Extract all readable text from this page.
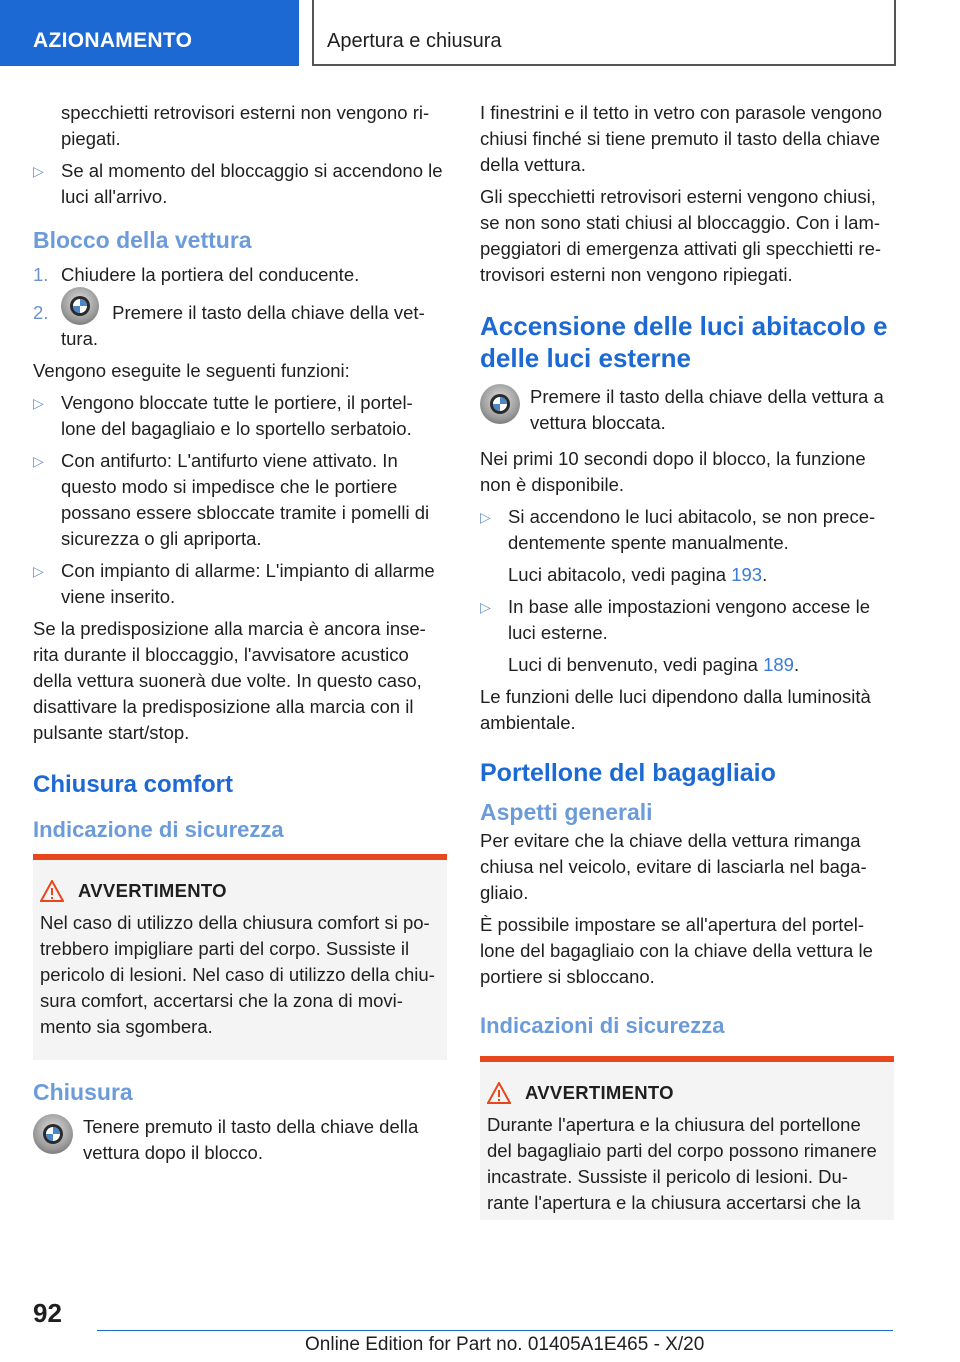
AZIONAMENTO	Apertura e chiusura

specchietti retrovisori esterni non vengono ri-piegati.

▷ Se al momento del bloccaggio si accendono le luci all'arrivo.
Blocco della vettura
1. Chiudere la portiera del conducente.
2.	Premere il tasto della chiave della vet-tura.

Vengono eseguite le seguenti funzioni:

▷ Vengono bloccate tutte le portiere, il portel-lone del bagagliaio e lo sportello serbatoio.
▷ Con antifurto: L'antifurto viene attivato. In questo modo si impedisce che le portiere possano essere sbloccate tramite i pomelli di sicurezza o gli apriporta.
▷ Con impianto di allarme: L'impianto di allarme viene inserito.

Se la predisposizione alla marcia è ancora inse-rita durante il bloccaggio, l'avvisatore acustico della vettura suonerà due volte. In questo caso, disattivare la predisposizione alla marcia con il pulsante start/stop.

Chiusura comfort
Indicazione di sicurezza
AVVERTIMENTO
Nel caso di utilizzo della chiusura comfort si po-trebbero impigliare parti del corpo. Sussiste il pericolo di lesioni. Nel caso di utilizzo della chiu-sura comfort, accertarsi che la zona di movi-mento sia sgombera.
Chiusura
Tenere premuto il tasto della chiave della vettura dopo il blocco.

I finestrini e il tetto in vetro con parasole vengono chiusi finché si tiene premuto il tasto della chiave della vettura.

Gli specchietti retrovisori esterni vengono chiusi, se non sono stati chiusi al bloccaggio. Con i lam-peggiatori di emergenza attivati gli specchietti re-trovisori esterni non vengono ripiegati.

Accensione delle luci abitacolo e delle luci esterne
Premere il tasto della chiave della vettura a vettura bloccata.

Nei primi 10 secondi dopo il blocco, la funzione non è disponibile.

▷ Si accendono le luci abitacolo, se non prece-dentemente spente manualmente.

Luci abitacolo, vedi pagina 193.

▷ In base alle impostazioni vengono accese le luci esterne.

Luci di benvenuto, vedi pagina 189.

Le funzioni delle luci dipendono dalla luminosità ambientale.

Portellone del bagagliaio
Aspetti generali

Per evitare che la chiave della vettura rimanga chiusa nel veicolo, evitare di lasciarla nel baga-gliaio.

È possibile impostare se all'apertura del portel-lone del bagagliaio con la chiave della vettura le portiere si sbloccano.

Indicazioni di sicurezza
AVVERTIMENTO
Durante l'apertura e la chiusura del portellone del bagagliaio parti del corpo possono rimanere incastrate. Sussiste il pericolo di lesioni. Du-rante l'apertura e la chiusura accertarsi che la
92
Online Edition for Part no. 01405A1E465 - X/20
